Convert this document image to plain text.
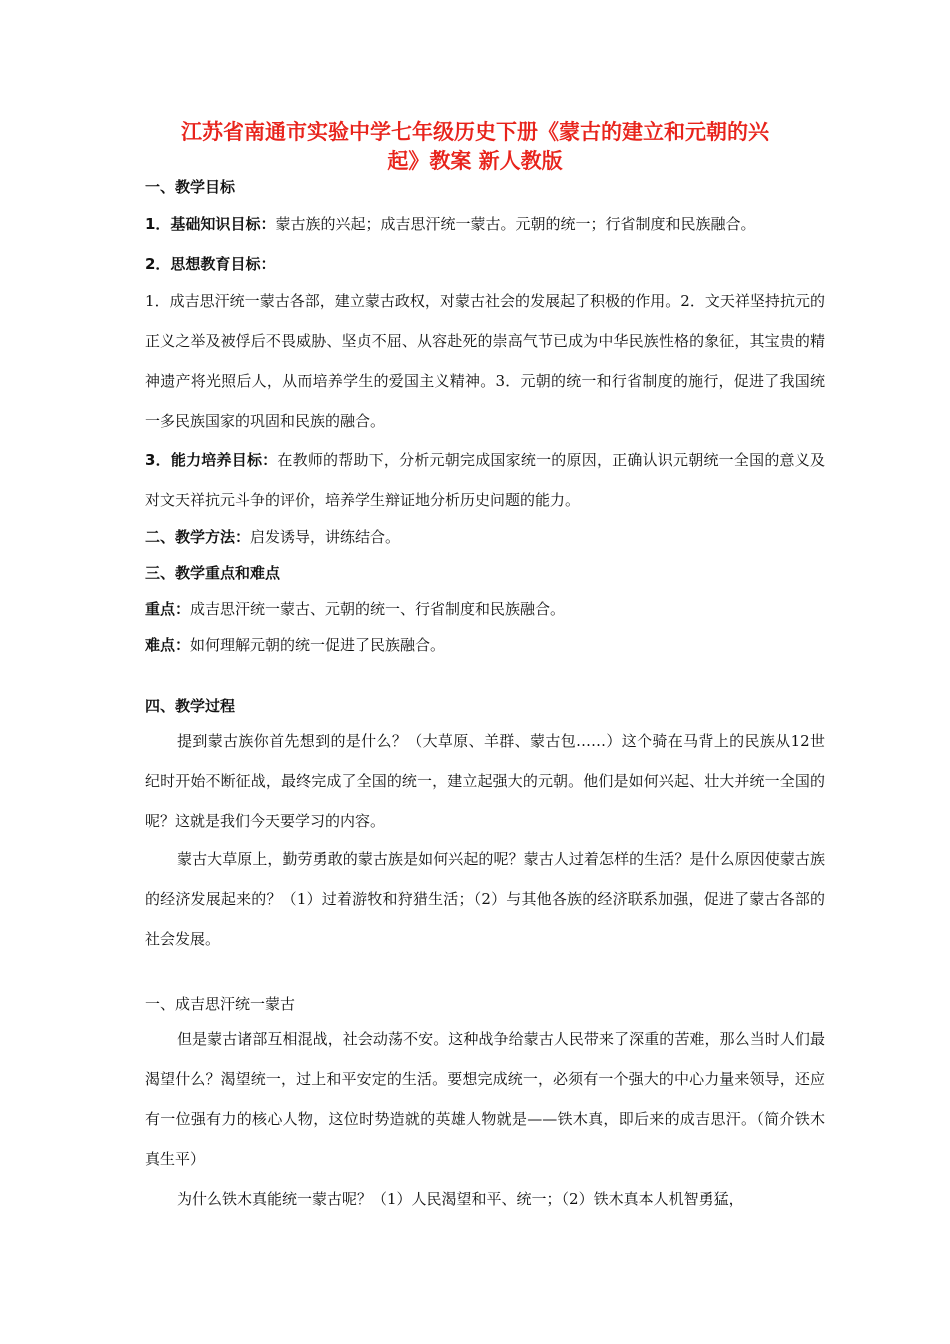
江苏省南通市实验中学七年级历史下册《蒙古的建立和元朝的兴
起》教案 新人教版
一、教学目标
1．基础知识目标：蒙古族的兴起；成吉思汗统一蒙古。元朝的统一；行省制度和民族融合。
2．思想教育目标：
1．成吉思汗统一蒙古各部，建立蒙古政权，对蒙古社会的发展起了积极的作用。2．文天祥坚持抗元的正义之举及被俘后不畏威胁、坚贞不屈、从容赴死的崇高气节已成为中华民族性格的象征，其宝贵的精神遗产将光照后人，从而培养学生的爱国主义精神。3．元朝的统一和行省制度的施行，促进了我国统一多民族国家的巩固和民族的融合。
3．能力培养目标：在教师的帮助下，分析元朝完成国家统一的原因，正确认识元朝统一全国的意义及对文天祥抗元斗争的评价，培养学生辩证地分析历史问题的能力。
二、教学方法：启发诱导，讲练结合。
三、教学重点和难点
重点：成吉思汗统一蒙古、元朝的统一、行省制度和民族融合。
难点：如何理解元朝的统一促进了民族融合。
四、教学过程
提到蒙古族你首先想到的是什么？（大草原、羊群、蒙古包……）这个骑在马背上的民族从12世纪时开始不断征战，最终完成了全国的统一，建立起强大的元朝。他们是如何兴起、壮大并统一全国的呢？这就是我们今天要学习的内容。
蒙古大草原上，勤劳勇敢的蒙古族是如何兴起的呢？蒙古人过着怎样的生活？是什么原因使蒙古族的经济发展起来的？（1）过着游牧和狩猎生活；（2）与其他各族的经济联系加强，促进了蒙古各部的社会发展。
一、成吉思汗统一蒙古
但是蒙古诸部互相混战，社会动荡不安。这种战争给蒙古人民带来了深重的苦难，那么当时人们最渴望什么？渴望统一，过上和平安定的生活。要想完成统一，必须有一个强大的中心力量来领导，还应有一位强有力的核心人物，这位时势造就的英雄人物就是——铁木真，即后来的成吉思汗。（简介铁木真生平）
为什么铁木真能统一蒙古呢？（1）人民渴望和平、统一；（2）铁木真本人机智勇猛，
